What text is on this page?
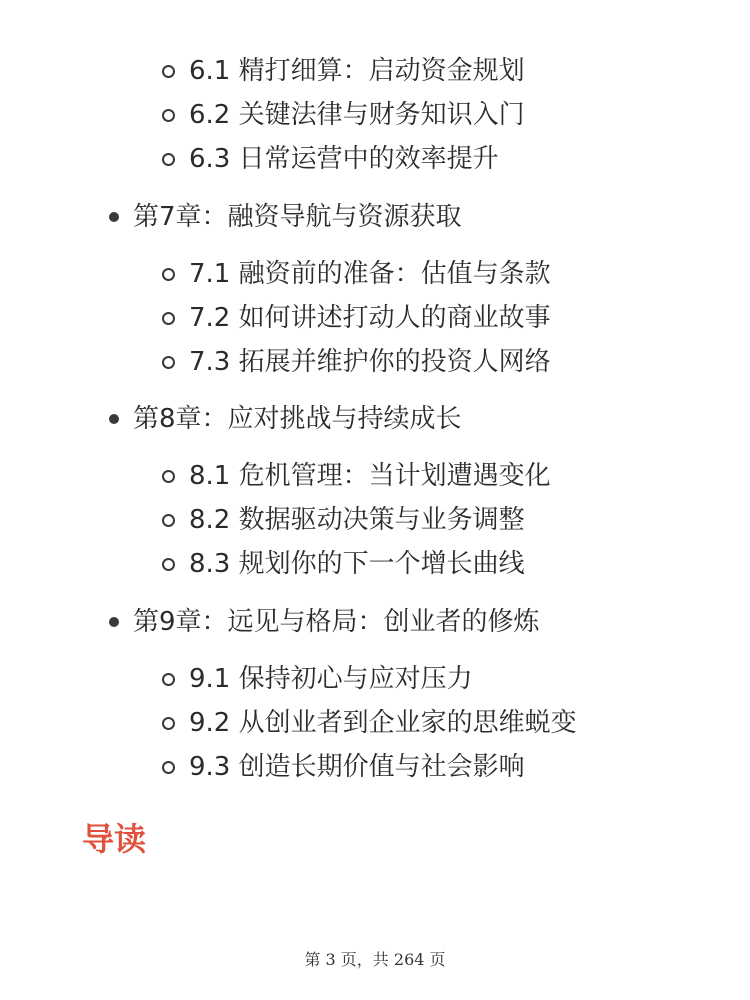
6.1 精打细算：启动资金规划
6.2 关键法律与财务知识入门
6.3 日常运营中的效率提升
第7章：融资导航与资源获取
7.1 融资前的准备：估值与条款
7.2 如何讲述打动人的商业故事
7.3 拓展并维护你的投资人网络
第8章：应对挑战与持续成长
8.1 危机管理：当计划遭遇变化
8.2 数据驱动决策与业务调整
8.3 规划你的下一个增长曲线
第9章：远见与格局：创业者的修炼
9.1 保持初心与应对压力
9.2 从创业者到企业家的思维蜕变
9.3 创造长期价值与社会影响
导读
第 3 页，共 264 页
